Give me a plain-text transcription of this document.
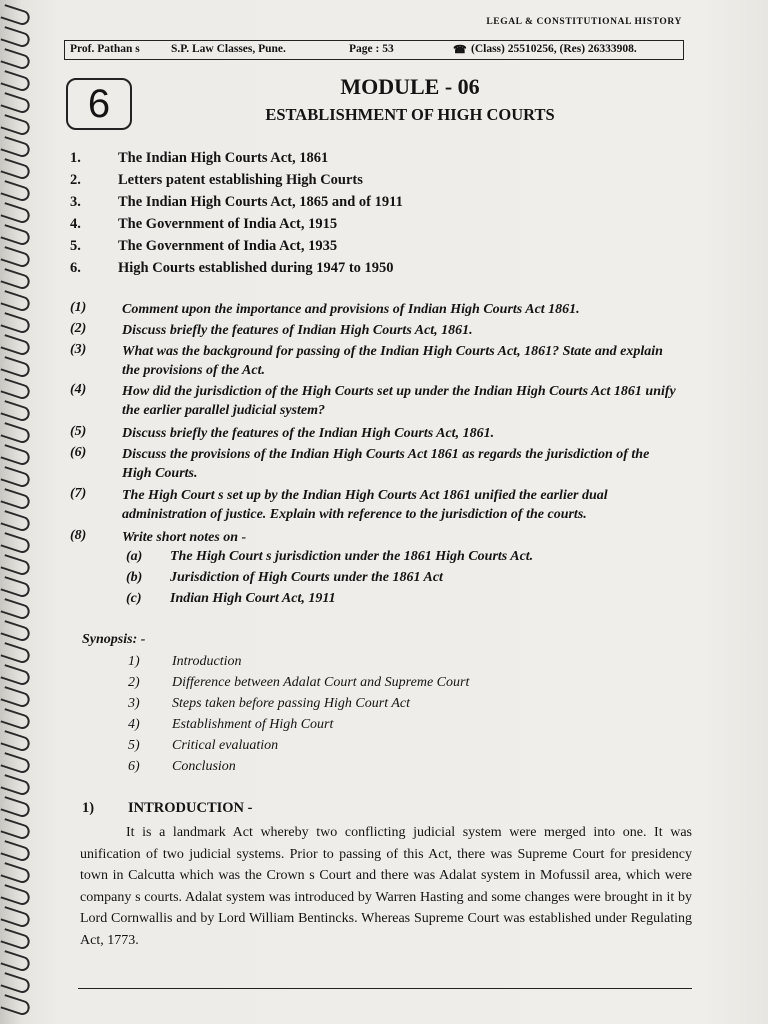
LEGAL & CONSTITUTIONAL HISTORY
Prof. Pathan s	S.P. Law Classes, Pune.	Page : 53	☎ (Class) 25510256, (Res) 26333908.
6	MODULE - 06
ESTABLISHMENT OF HIGH COURTS
1.	The Indian High Courts Act, 1861
2.	Letters patent establishing High Courts
3.	The Indian High Courts Act, 1865 and of 1911
4.	The Government of India Act, 1915
5.	The Government of India Act, 1935
6.	High Courts established during 1947 to 1950
(1)	Comment upon the importance and provisions of Indian High Courts Act 1861.
(2)	Discuss briefly the features of Indian High Courts Act, 1861.
(3)	What was the background for passing of the Indian High Courts Act, 1861? State and explain the provisions of the Act.
(4)	How did the jurisdiction of the High Courts set up under the Indian High Courts Act 1861 unify the earlier parallel judicial system?
(5)	Discuss briefly the features of the Indian High Courts Act, 1861.
(6)	Discuss the provisions of the Indian High Courts Act 1861 as regards the jurisdiction of the High Courts.
(7)	The High Court s set up by the Indian High Courts Act 1861 unified the earlier dual administration of justice. Explain with reference to the jurisdiction of the courts.
(8)	Write short notes on -
(a) The High Court s jurisdiction under the 1861 High Courts Act.
(b) Jurisdiction of High Courts under the 1861 Act
(c) Indian High Court Act, 1911
Synopsis: -
1) Introduction
2) Difference between Adalat Court and Supreme Court
3) Steps taken before passing High Court Act
4) Establishment of High Court
5) Critical evaluation
6) Conclusion
1) INTRODUCTION -
It is a landmark Act whereby two conflicting judicial system were merged into one. It was unification of two judicial systems. Prior to passing of this Act, there was Supreme Court for presidency town in Calcutta which was the Crown s Court and there was Adalat system in Mofussil area, which were company s courts. Adalat system was introduced by Warren Hasting and some changes were brought in it by Lord Cornwallis and by Lord William Bentincks. Whereas Supreme Court was established under Regulating Act, 1773.
